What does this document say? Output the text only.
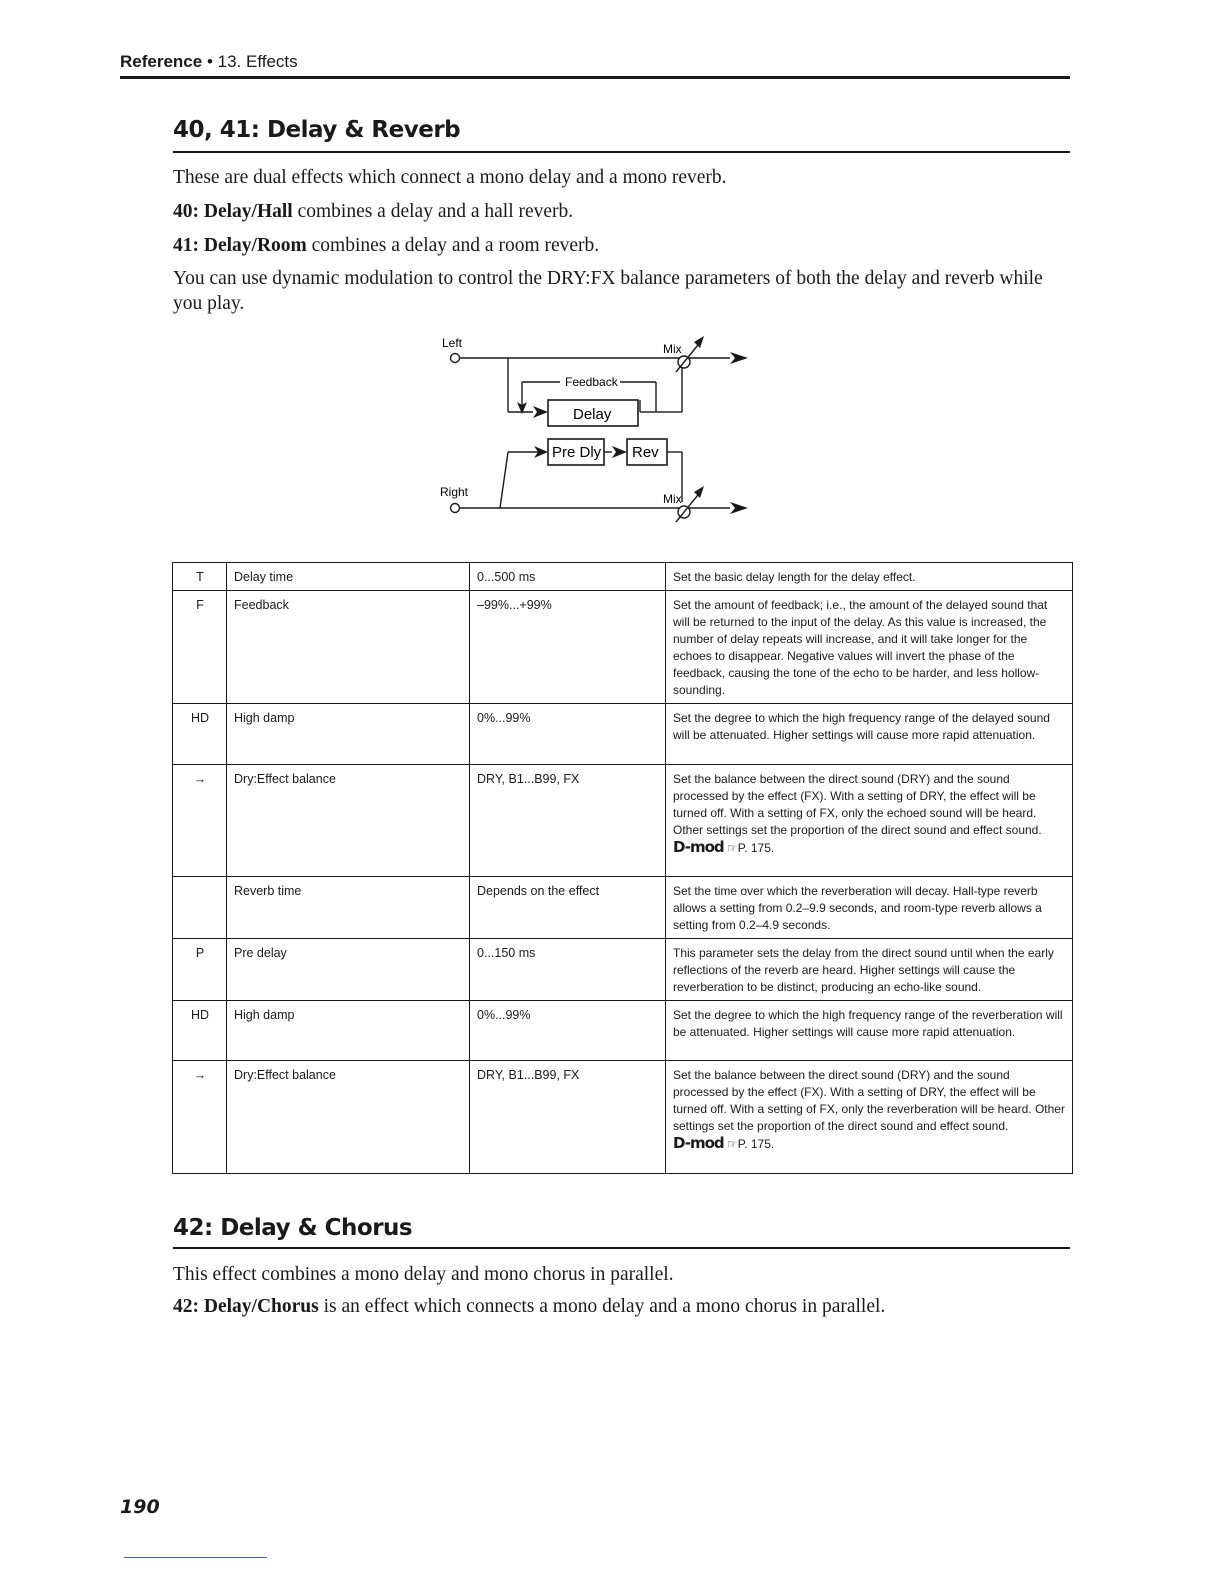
Reference • 13. Effects
40, 41: Delay & Reverb
These are dual effects which connect a mono delay and a mono reverb.
40: Delay/Hall combines a delay and a hall reverb.
41: Delay/Room combines a delay and a room reverb.
You can use dynamic modulation to control the DRY:FX balance parameters of both the delay and reverb while you play.
Left
Right
Mix
Mix
Feedback
Delay
Pre Dly Rev
T	Delay time	0...500 ms	Set the basic delay length for the delay effect.
F	Feedback	–99%...+99%	Set the amount of feedback; i.e., the amount of the delayed sound that will be returned to the input of the delay. As this value is increased, the number of delay repeats will increase, and it will take longer for the echoes to disappear. Negative values will invert the phase of the feedback, causing the tone of the echo to be harder, and less hollow-sounding.
HD	High damp	0%...99%	Set the degree to which the high frequency range of the delayed sound will be attenuated. Higher settings will cause more rapid attenuation.
→	Dry:Effect balance	DRY, B1...B99, FX	Set the balance between the direct sound (DRY) and the sound processed by the effect (FX). With a setting of DRY, the effect will be turned off. With a setting of FX, only the echoed sound will be heard. Other settings set the proportion of the direct sound and effect sound.
D-mod ☞P. 175.

	Reverb time	Depends on the effect	Set the time over which the reverberation will decay. Hall-type reverb allows a setting from 0.2–9.9 seconds, and room-type reverb allows a setting from 0.2–4.9 seconds.
P	Pre delay	0...150 ms	This parameter sets the delay from the direct sound until when the early reflections of the reverb are heard. Higher settings will cause the reverberation to be distinct, producing an echo-like sound.
HD	High damp	0%...99%	Set the degree to which the high frequency range of the reverberation will be attenuated. Higher settings will cause more rapid attenuation.
→	Dry:Effect balance	DRY, B1...B99, FX	Set the balance between the direct sound (DRY) and the sound processed by the effect (FX). With a setting of DRY, the effect will be turned off. With a setting of FX, only the reverberation will be heard. Other settings set the proportion of the direct sound and effect sound.
D-mod ☞P. 175.
42: Delay & Chorus
This effect combines a mono delay and mono chorus in parallel.
42: Delay/Chorus is an effect which connects a mono delay and a mono chorus in parallel.
190
